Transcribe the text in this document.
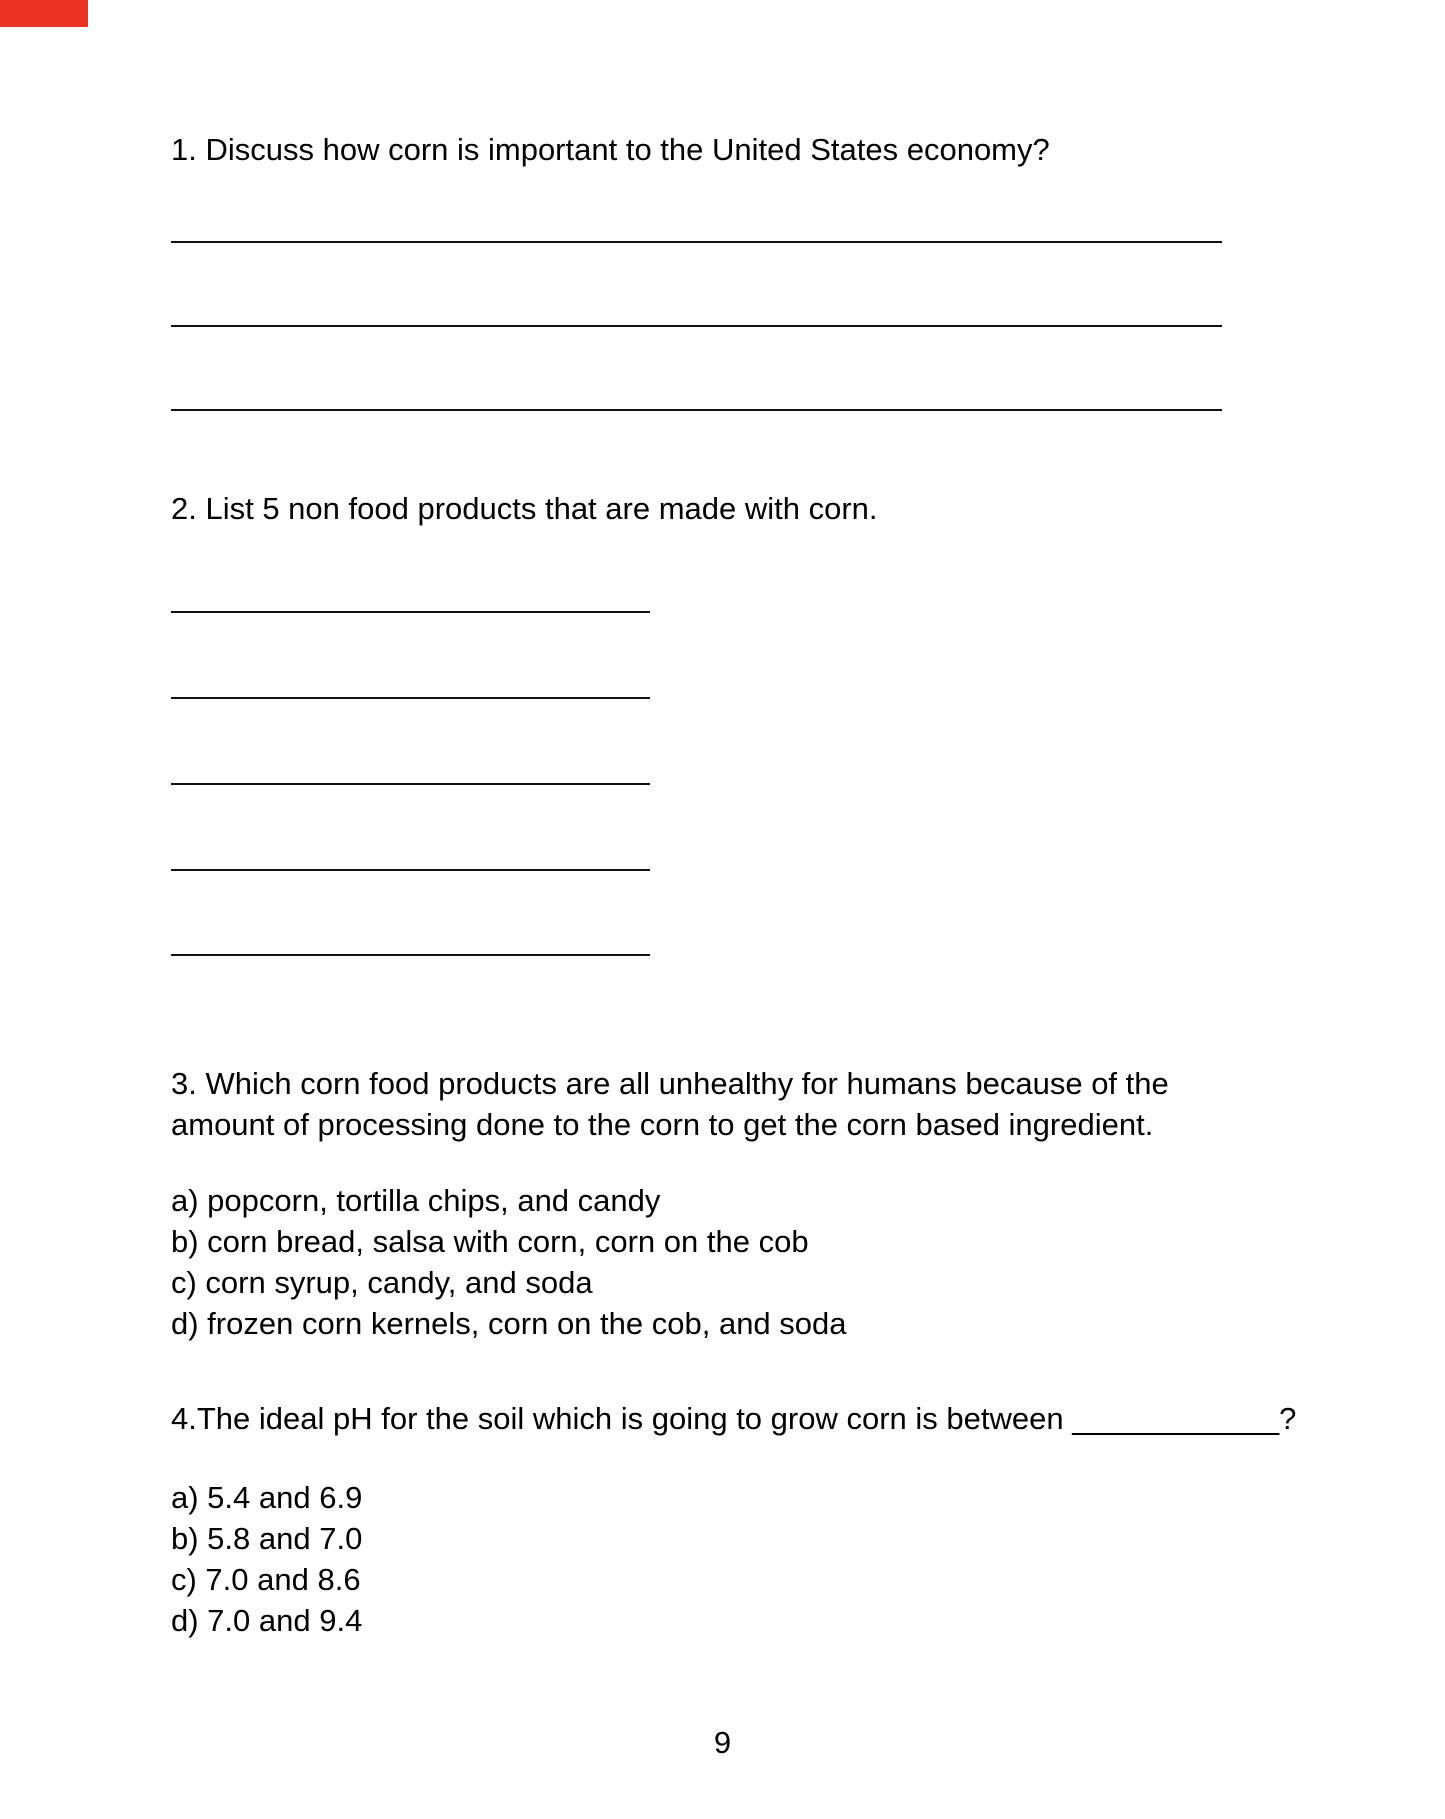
1. Discuss how corn is important to the United States economy?
2. List 5 non food products that are made with corn.
3. Which corn food products are all unhealthy for humans because of the amount of processing done to the corn to get the corn based ingredient.
a) popcorn, tortilla chips, and candy
b) corn bread, salsa with corn, corn on the cob
c) corn syrup, candy, and soda
d) frozen corn kernels, corn on the cob, and soda
4.The ideal pH for the soil which is going to grow corn is between ____________?
a) 5.4 and 6.9
b) 5.8 and 7.0
c) 7.0 and 8.6
d) 7.0 and 9.4
9
